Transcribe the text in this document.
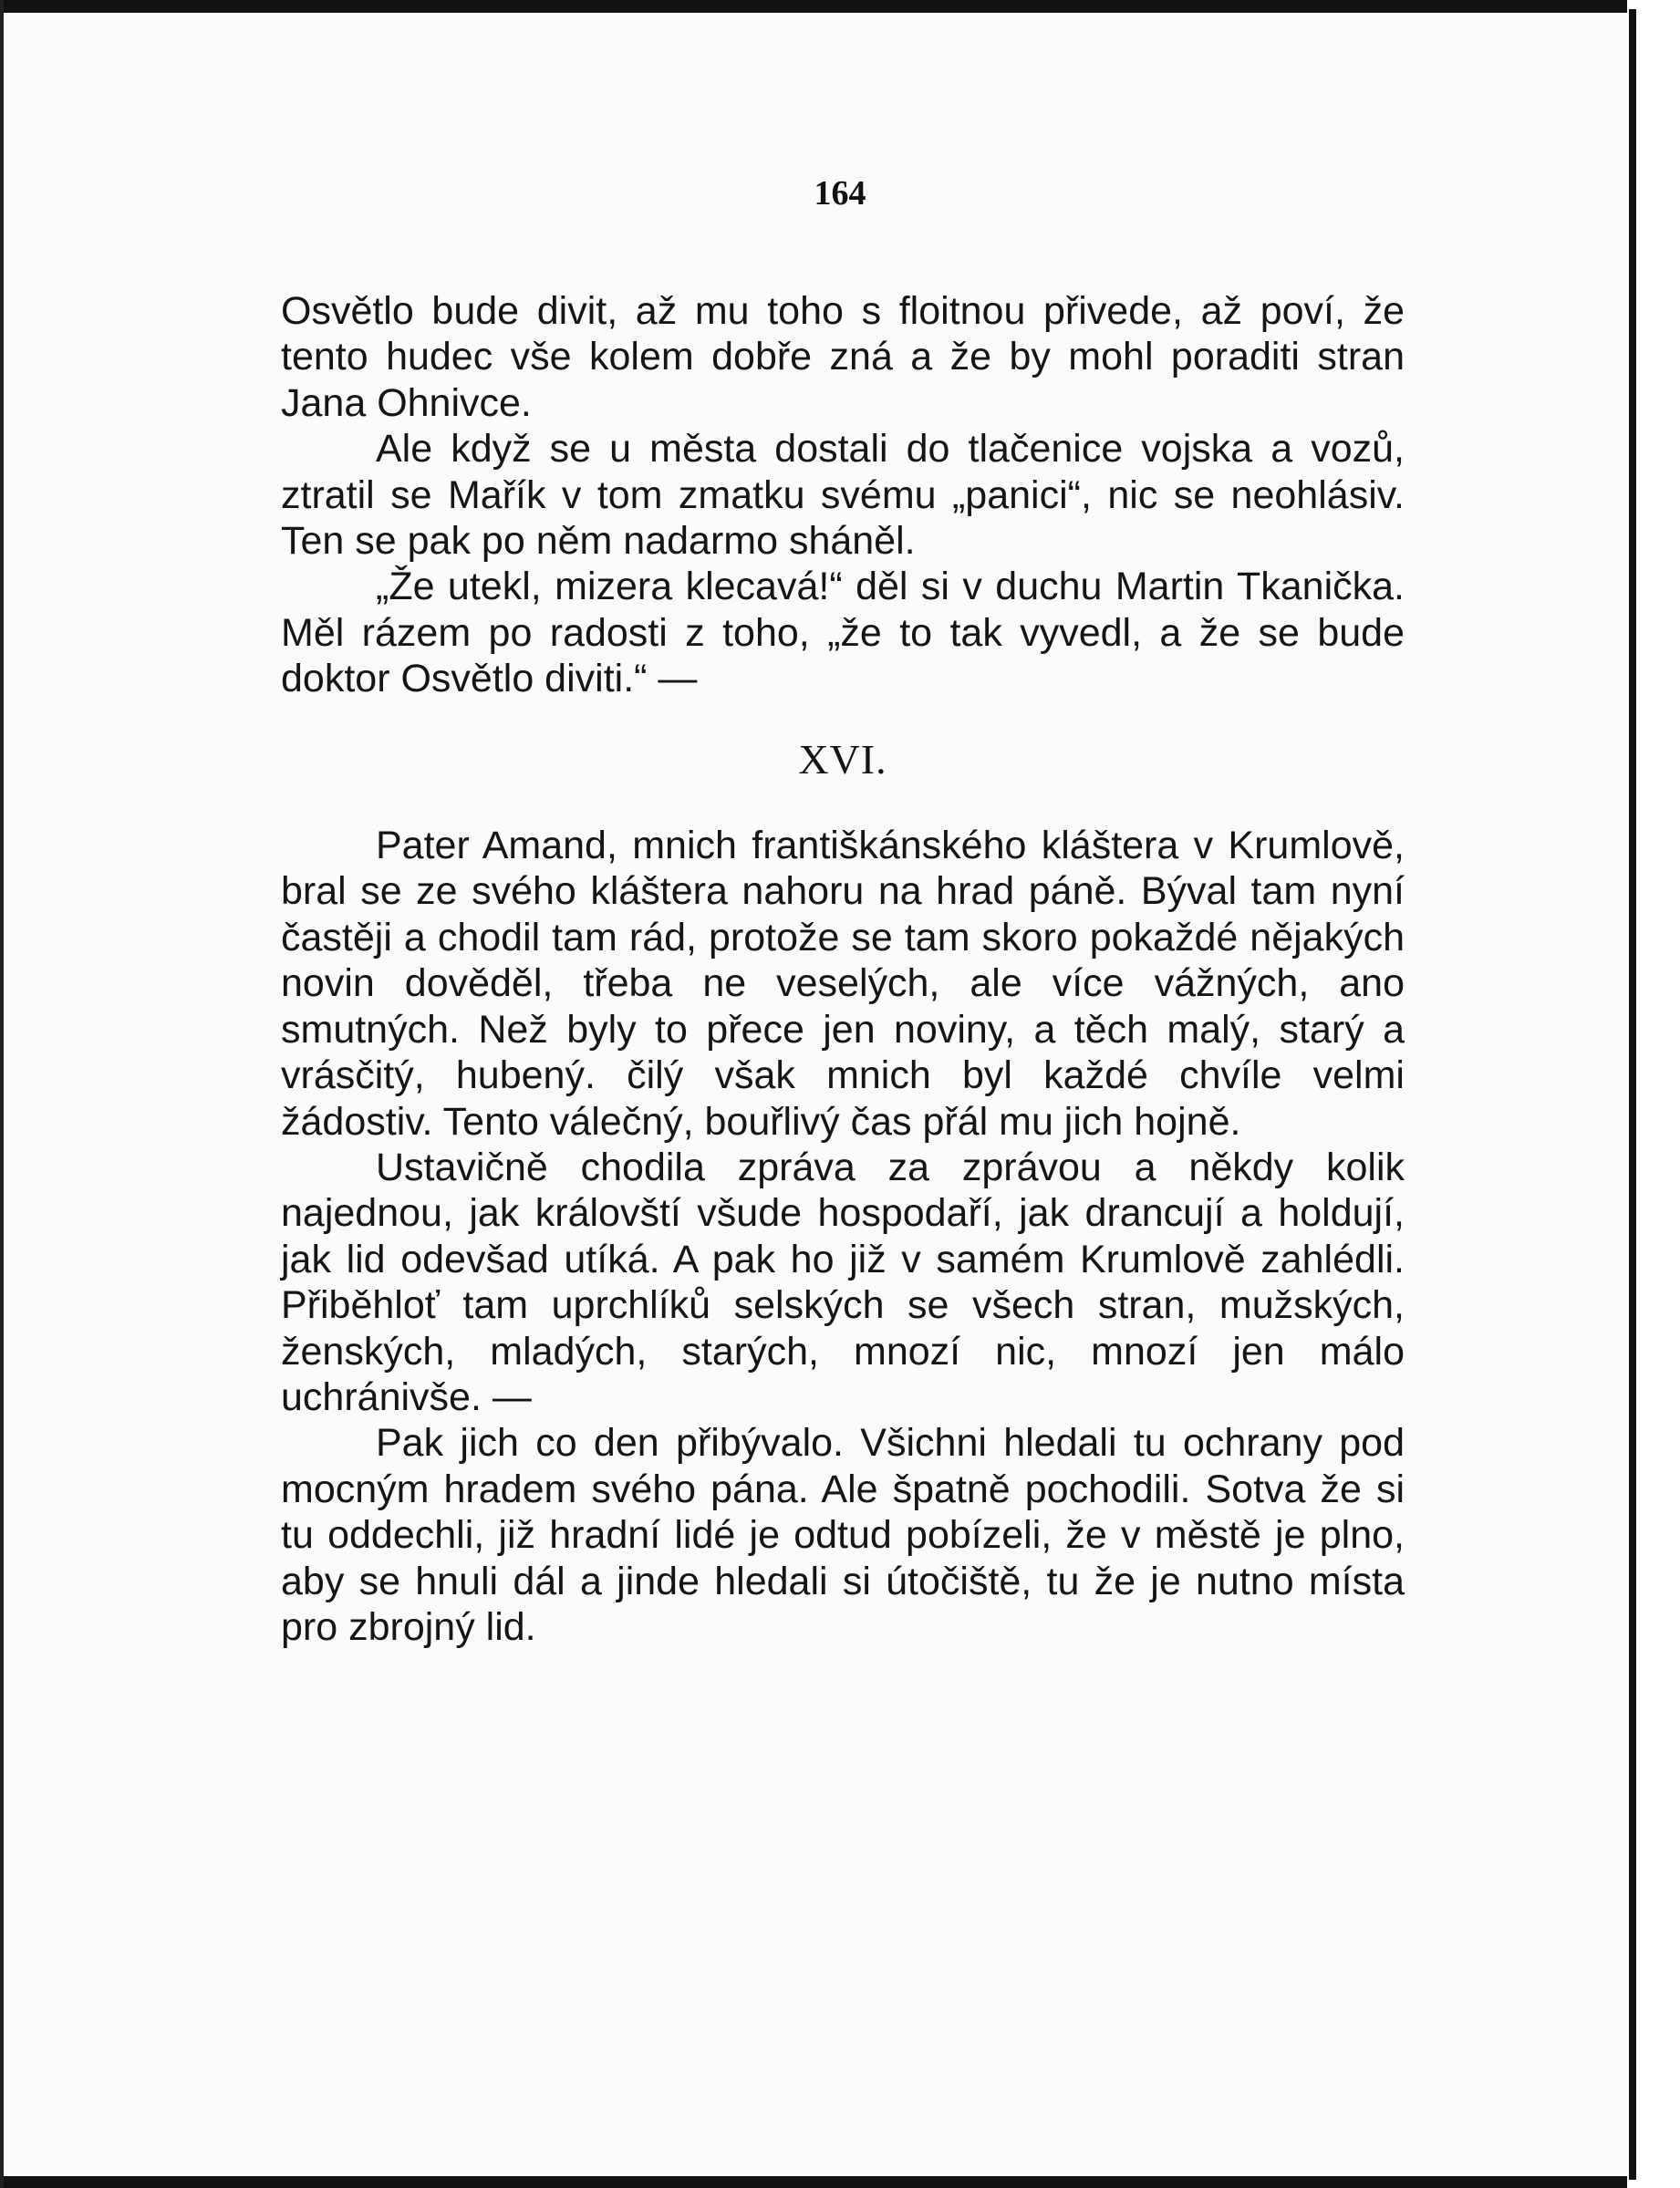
164

Osvětlo bude divit, až mu toho s floitnou přivede, až poví, že tento hudec vše kolem dobře zná a že by mohl poraditi stran Jana Ohnivce.

Ale když se u města dostali do tlačenice vojska a vozů, ztratil se Mařík v tom zmatku svému „panici“, nic se neohlásiv. Ten se pak po něm nadarmo sháněl.

„Že utekl, mizera klecavá!“ děl si v duchu Martin Tkanička. Měl rázem po radosti z toho, „že to tak vyvedl, a že se bude doktor Osvětlo diviti.“ —

XVI.

Pater Amand, mnich františkánského kláštera v Krumlově, bral se ze svého kláštera nahoru na hrad páně. Býval tam nyní častěji a chodil tam rád, protože se tam skoro pokaždé nějakých novin dověděl, třeba ne veselých, ale více vážných, ano smutných. Než byly to přece jen noviny, a těch malý, starý a vrásčitý, hubený. čilý však mnich byl každé chvíle velmi žádostiv. Tento válečný, bouřlivý čas přál mu jich hojně.

Ustavičně chodila zpráva za zprávou a někdy kolik najednou, jak královští všude hospodaří, jak drancují a holdují, jak lid odevšad utíká. A pak ho již v samém Krumlově zahlédli. Přiběhloť tam uprchlíků selských se všech stran, mužských, ženských, mladých, starých, mnozí nic, mnozí jen málo uchránivše. —

Pak jich co den přibývalo. Všichni hledali tu ochrany pod mocným hradem svého pána. Ale špatně pochodili. Sotva že si tu oddechli, již hradní lidé je odtud pobízeli, že v městě je plno, aby se hnuli dál a jinde hledali si útočiště, tu že je nutno místa pro zbrojný lid.
